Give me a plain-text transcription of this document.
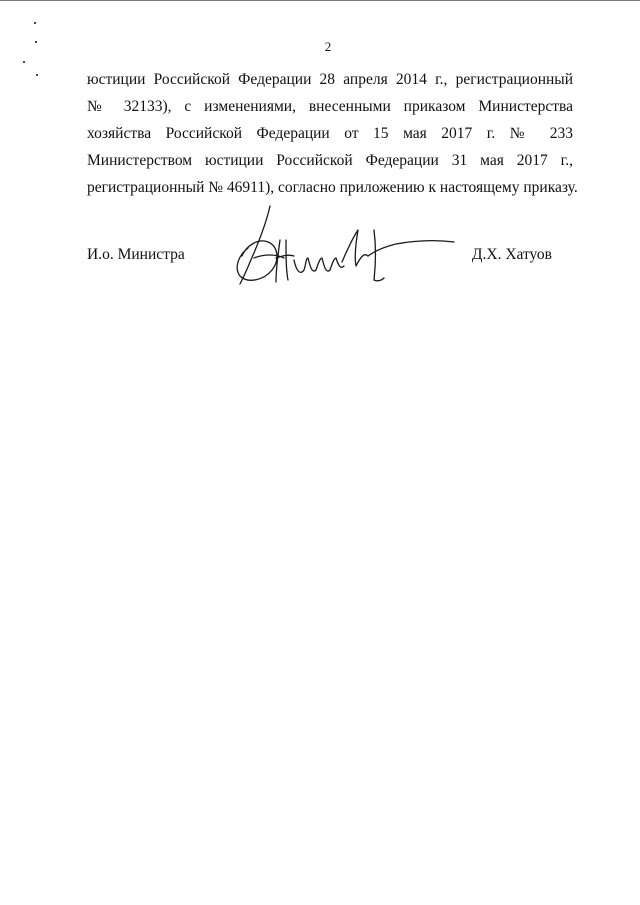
2
юстиции Российской Федерации 28 апреля 2014 г., регистрационный
№ 32133), с изменениями, внесенными приказом Министерства
хозяйства Российской Федерации от 15 мая 2017 г. № 233
Министерством юстиции Российской Федерации 31 мая 2017 г.,
регистрационный № 46911), согласно приложению к настоящему приказу.
И.о. Министра	Д.Х. Хатуов
